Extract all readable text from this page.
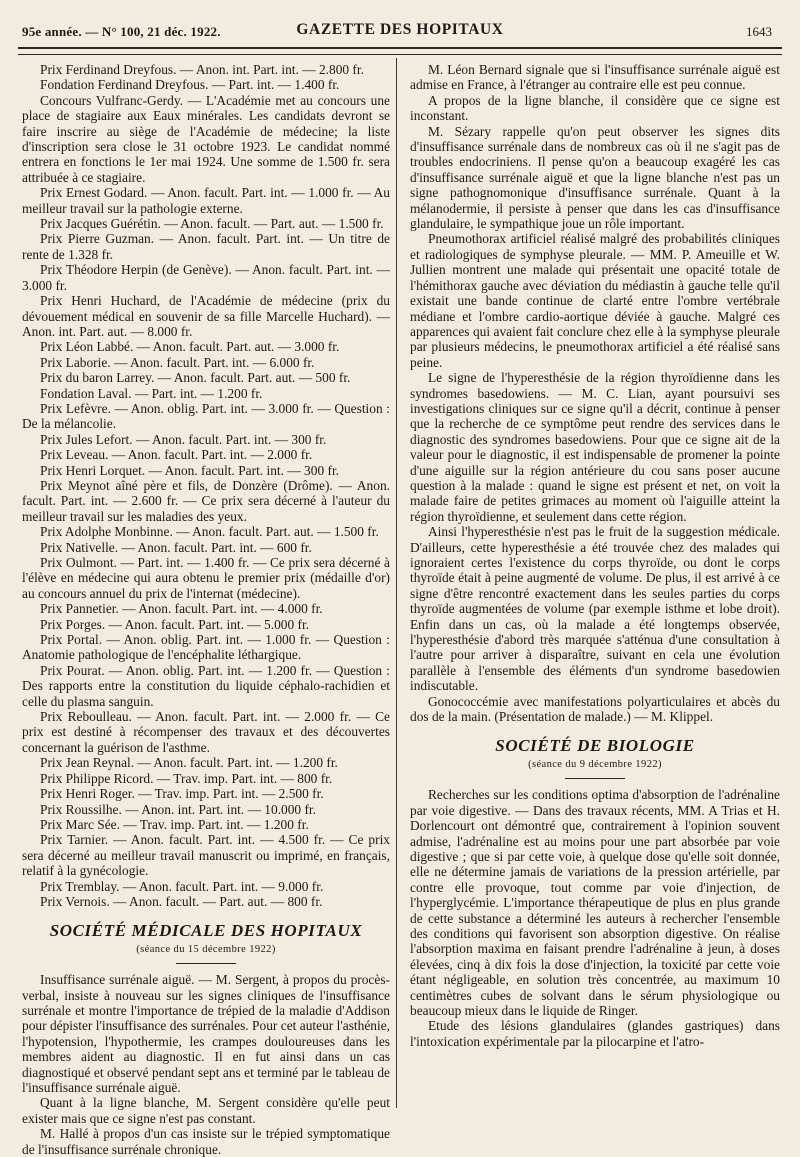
95e année. — N° 100, 21 déc. 1922.	GAZETTE DES HOPITAUX	1643

Prix Ferdinand Dreyfous. — Anon. int. Part. int. — 2.800 fr.

Fondation Ferdinand Dreyfous. — Part. int. — 1.400 fr.

Concours Vulfranc-Gerdy. — L'Académie met au concours une place de stagiaire aux Eaux minérales. Les candidats devront se faire inscrire au siège de l'Académie de médecine; la liste d'inscription sera close le 31 octobre 1923. Le candidat nommé entrera en fonctions le 1er mai 1924. Une somme de 1.500 fr. sera attribuée à ce stagiaire.

Prix Ernest Godard. — Anon. facult. Part. int. — 1.000 fr. — Au meilleur travail sur la pathologie externe.

Prix Jacques Guérétin. — Anon. facult. — Part. aut. — 1.500 fr.

Prix Pierre Guzman. — Anon. facult. Part. int. — Un titre de rente de 1.328 fr.

Prix Théodore Herpin (de Genève). — Anon. facult. Part. int. — 3.000 fr.

Prix Henri Huchard, de l'Académie de médecine (prix du dévouement médical en souvenir de sa fille Marcelle Huchard). — Anon. int. Part. aut. — 8.000 fr.

Prix Léon Labbé. — Anon. facult. Part. aut. — 3.000 fr.

Prix Laborie. — Anon. facult. Part. int. — 6.000 fr.

Prix du baron Larrey. — Anon. facult. Part. aut. — 500 fr.

Fondation Laval. — Part. int. — 1.200 fr.

Prix Lefèvre. — Anon. oblig. Part. int. — 3.000 fr. — Question : De la mélancolie.

Prix Jules Lefort. — Anon. facult. Part. int. — 300 fr.

Prix Leveau. — Anon. facult. Part. int. — 2.000 fr.

Prix Henri Lorquet. — Anon. facult. Part. int. — 300 fr.

Prix Meynot aîné père et fils, de Donzère (Drôme). — Anon. facult. Part. int. — 2.600 fr. — Ce prix sera décerné à l'auteur du meilleur travail sur les maladies des yeux.

Prix Adolphe Monbinne. — Anon. facult. Part. aut. — 1.500 fr.

Prix Nativelle. — Anon. facult. Part. int. — 600 fr.

Prix Oulmont. — Part. int. — 1.400 fr. — Ce prix sera décerné à l'élève en médecine qui aura obtenu le premier prix (médaille d'or) au concours annuel du prix de l'internat (médecine).

Prix Pannetier. — Anon. facult. Part. int. — 4.000 fr.

Prix Porges. — Anon. facult. Part. int. — 5.000 fr.

Prix Portal. — Anon. oblig. Part. int. — 1.000 fr. — Question : Anatomie pathologique de l'encéphalite léthargique.

Prix Pourat. — Anon. oblig. Part. int. — 1.200 fr. — Question : Des rapports entre la constitution du liquide céphalo-rachidien et celle du plasma sanguin.

Prix Reboulleau. — Anon. facult. Part. int. — 2.000 fr. — Ce prix est destiné à récompenser des travaux et des découvertes concernant la guérison de l'asthme.

Prix Jean Reynal. — Anon. facult. Part. int. — 1.200 fr.

Prix Philippe Ricord. — Trav. imp. Part. int. — 800 fr.

Prix Henri Roger. — Trav. imp. Part. int. — 2.500 fr.

Prix Roussilhe. — Anon. int. Part. int. — 10.000 fr.

Prix Marc Sée. — Trav. imp. Part. int. — 1.200 fr.

Prix Tarnier. — Anon. facult. Part. int. — 4.500 fr. — Ce prix sera décerné au meilleur travail manuscrit ou imprimé, en français, relatif à la gynécologie.

Prix Tremblay. — Anon. facult. Part. int. — 9.000 fr.

Prix Vernois. — Anon. facult. — Part. aut. — 800 fr.

SOCIÉTÉ MÉDICALE DES HOPITAUX
(séance du 15 décembre 1922)

Insuffisance surrénale aiguë. — M. Sergent, à propos du procès-verbal, insiste à nouveau sur les signes cliniques de l'insuffisance surrénale et montre l'importance de trépied de la maladie d'Addison pour dépister l'insuffisance des surrénales. Pour cet auteur l'asthénie, l'hypotension, l'hypothermie, les crampes douloureuses dans les membres aident au diagnostic. Il en fut ainsi dans un cas diagnostiqué et observé pendant sept ans et terminé par le tableau de l'insuffisance surrénale aiguë.

Quant à la ligne blanche, M. Sergent considère qu'elle peut exister mais que ce signe n'est pas constant.

M. Hallé à propos d'un cas insiste sur le trépied symptomatique de l'insuffisance surrénale chronique.

M. Léon Bernard signale que si l'insuffisance surrénale aiguë est admise en France, à l'étranger au contraire elle est peu connue.

A propos de la ligne blanche, il considère que ce signe est inconstant.

M. Sézary rappelle qu'on peut observer les signes dits d'insuffisance surrénale dans de nombreux cas où il ne s'agit pas de troubles endocriniens. Il pense qu'on a beaucoup exagéré les cas d'insuffisance surrénale aiguë et que la ligne blanche n'est pas un signe pathognomonique d'insuffisance surrénale. Quant à la mélanodermie, il persiste à penser que dans les cas d'insuffisance glandulaire, le sympathique joue un rôle important.

Pneumothorax artificiel réalisé malgré des probabilités cliniques et radiologiques de symphyse pleurale. — MM. P. Ameuille et W. Jullien montrent une malade qui présentait une opacité totale de l'hémithorax gauche avec déviation du médiastin à gauche telle qu'il existait une bande continue de clarté entre l'ombre vertébrale médiane et l'ombre cardio-aortique déviée à gauche. Malgré ces apparences qui avaient fait conclure chez elle à la symphyse pleurale par plusieurs médecins, le pneumothorax artificiel a été réalisé sans peine.

Le signe de l'hyperesthésie de la région thyroïdienne dans les syndromes basedowiens. — M. C. Lian, ayant poursuivi ses investigations cliniques sur ce signe qu'il a décrit, continue à penser que la recherche de ce symptôme peut rendre des services dans le diagnostic des syndromes basedowiens. Pour que ce signe ait de la valeur pour le diagnostic, il est indispensable de promener la pointe d'une aiguille sur la région antérieure du cou sans poser aucune question à la malade : quand le signe est présent et net, on voit la malade faire de petites grimaces au moment où l'aiguille atteint la région thyroïdienne, et seulement dans cette région.

Ainsi l'hyperesthésie n'est pas le fruit de la suggestion médicale. D'ailleurs, cette hyperesthésie a été trouvée chez des malades qui ignoraient certes l'existence du corps thyroïde, ou dont le corps thyroïde était à peine augmenté de volume. De plus, il est arrivé à ce signe d'être rencontré exactement dans les seules parties du corps thyroïde augmentées de volume (par exemple isthme et lobe droit). Enfin dans un cas, où la malade a été longtemps observée, l'hyperesthésie d'abord très marquée s'atténua d'une consultation à l'autre pour arriver à disparaître, suivant en cela une évolution parallèle à l'ensemble des éléments d'un syndrome basedowien indiscutable.

Gonococcémie avec manifestations polyarticulaires et abcès du dos de la main. (Présentation de malade.) — M. Klippel.

SOCIÉTÉ DE BIOLOGIE
(séance du 9 décembre 1922)

Recherches sur les conditions optima d'absorption de l'adrénaline par voie digestive. — Dans des travaux récents, MM. A Trias et H. Dorlencourt ont démontré que, contrairement à l'opinion souvent admise, l'adrénaline est au moins pour une part absorbée par voie digestive ; que si par cette voie, à quelque dose qu'elle soit donnée, elle ne détermine jamais de variations de la pression artérielle, par contre elle provoque, tout comme par voie d'injection, de l'hyperglycémie. L'importance thérapeutique de plus en plus grande de cette substance a déterminé les auteurs à rechercher l'ensemble des conditions qui favorisent son absorption digestive. On réalise l'absorption maxima en faisant prendre l'adrénaline à jeun, à doses élevées, cinq à dix fois la dose d'injection, la toxicité par cette voie étant négligeable, en solution très concentrée, au maximum 10 centimètres cubes de solvant dans le sérum physiologique ou beaucoup mieux dans le liquide de Ringer.

Etude des lésions glandulaires (glandes gastriques) dans l'intoxication expérimentale par la pilocarpine et l'atro-
